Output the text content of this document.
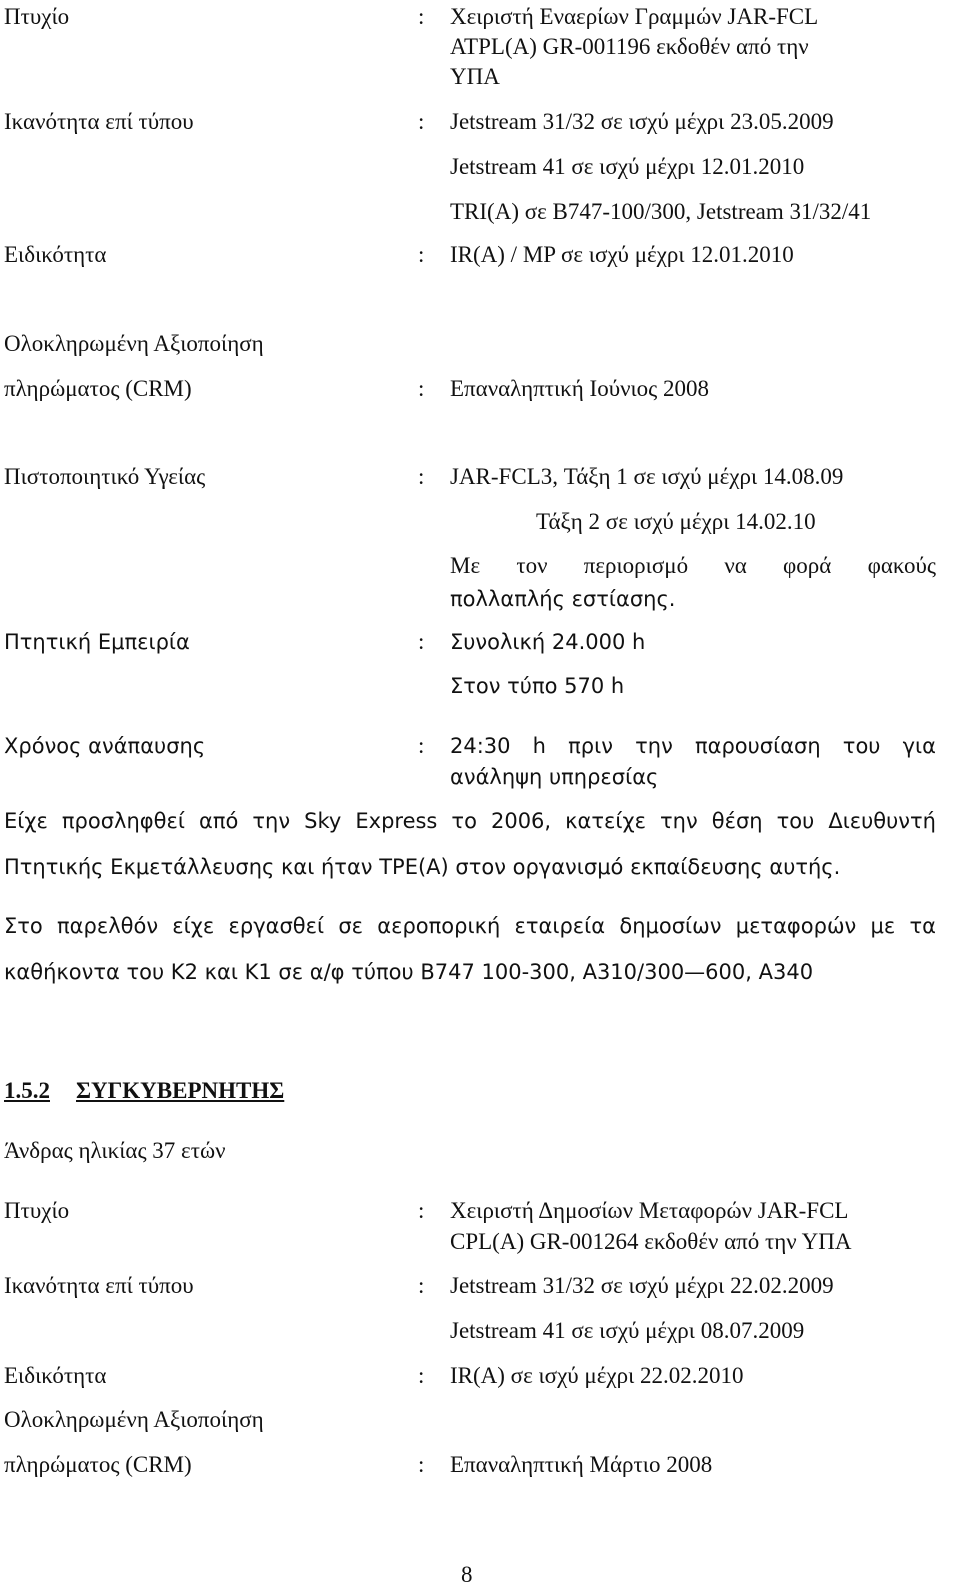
Πτυχίο	: Χειριστή Εναερίων Γραμμών JAR-FCL
ATPL(A) GR-001196 εκδοθέν από την
ΥΠΑ
Ικανότητα επί τύπου	: Jetstream 31/32 σε ισχύ μέχρι 23.05.2009
Jetstream 41 σε ισχύ μέχρι 12.01.2010
TRI(A) σε B747-100/300, Jetstream 31/32/41
Ειδικότητα	: IR(A) / MP σε ισχύ μέχρι 12.01.2010
Ολοκληρωμένη Αξιοποίηση
πληρώματος (CRM)	: Επαναληπτική Ιούνιος 2008
Πιστοποιητικό Υγείας	: JAR-FCL3, Τάξη 1 σε ισχύ μέχρι 14.08.09
Τάξη 2 σε ισχύ μέχρι 14.02.10
Με τον περιορισμό να φορά φακούς
πολλαπλής εστίασης.
Πτητική Εμπειρία	: Συνολική 24.000 h
Στον τύπο 570 h
Χρόνος ανάπαυσης	: 24:30 h πριν την παρουσίαση του για
ανάληψη υπηρεσίας
Είχε προσληφθεί από την Sky Express το 2006, κατείχε την θέση του Διευθυντή
Πτητικής Εκμετάλλευσης και ήταν TPE(A) στον οργανισμό εκπαίδευσης αυτής.
Στο παρελθόν είχε εργασθεί σε αεροπορική εταιρεία δημοσίων μεταφορών με τα
καθήκοντα του Κ2 και Κ1 σε α/φ τύπου Β747 100-300, Α310/300—600, Α340
1.5.2 ΣΥΓΚΥΒΕΡΝΗΤΗΣ
Άνδρας ηλικίας 37 ετών
Πτυχίο	: Χειριστή Δημοσίων Μεταφορών JAR-FCL
CPL(A) GR-001264 εκδοθέν από την ΥΠΑ
Ικανότητα επί τύπου	: Jetstream 31/32 σε ισχύ μέχρι 22.02.2009
Jetstream 41 σε ισχύ μέχρι 08.07.2009
Ειδικότητα	: IR(A) σε ισχύ μέχρι 22.02.2010
Ολοκληρωμένη Αξιοποίηση
πληρώματος (CRM)	: Επαναληπτική Μάρτιο 2008
8
